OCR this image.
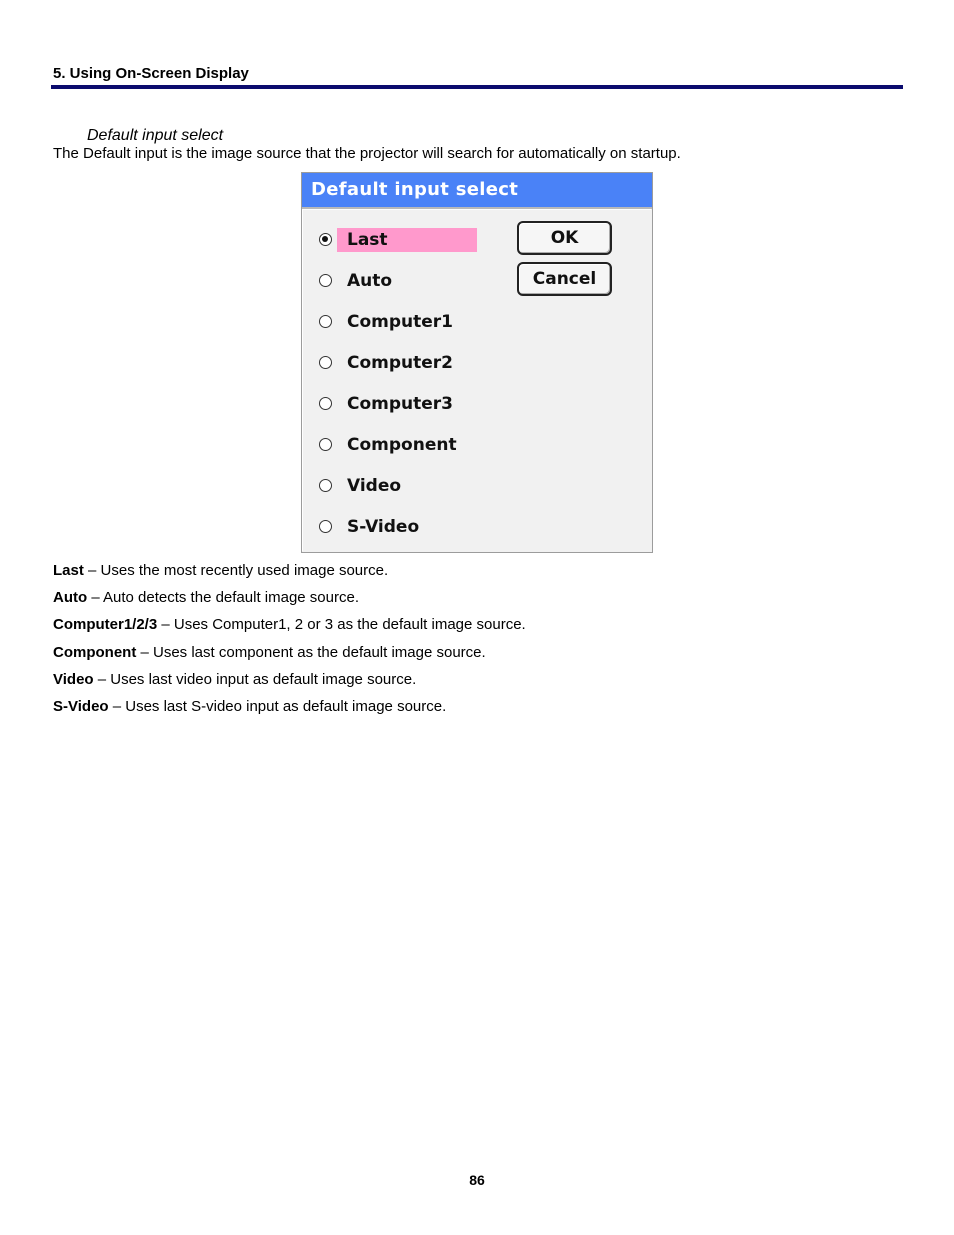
5. Using On-Screen Display
Default input select
The Default input is the image source that the projector will search for automatically on startup.
Default input select
Last
Auto
Computer1
Computer2
Computer3
Component
Video
S-Video
OK
Cancel
Last – Uses the most recently used image source.
Auto – Auto detects the default image source.
Computer1/2/3 – Uses Computer1, 2 or 3 as the default image source.
Component – Uses last component as the default image source.
Video – Uses last video input as default image source.
S-Video – Uses last S-video input as default image source.
86
